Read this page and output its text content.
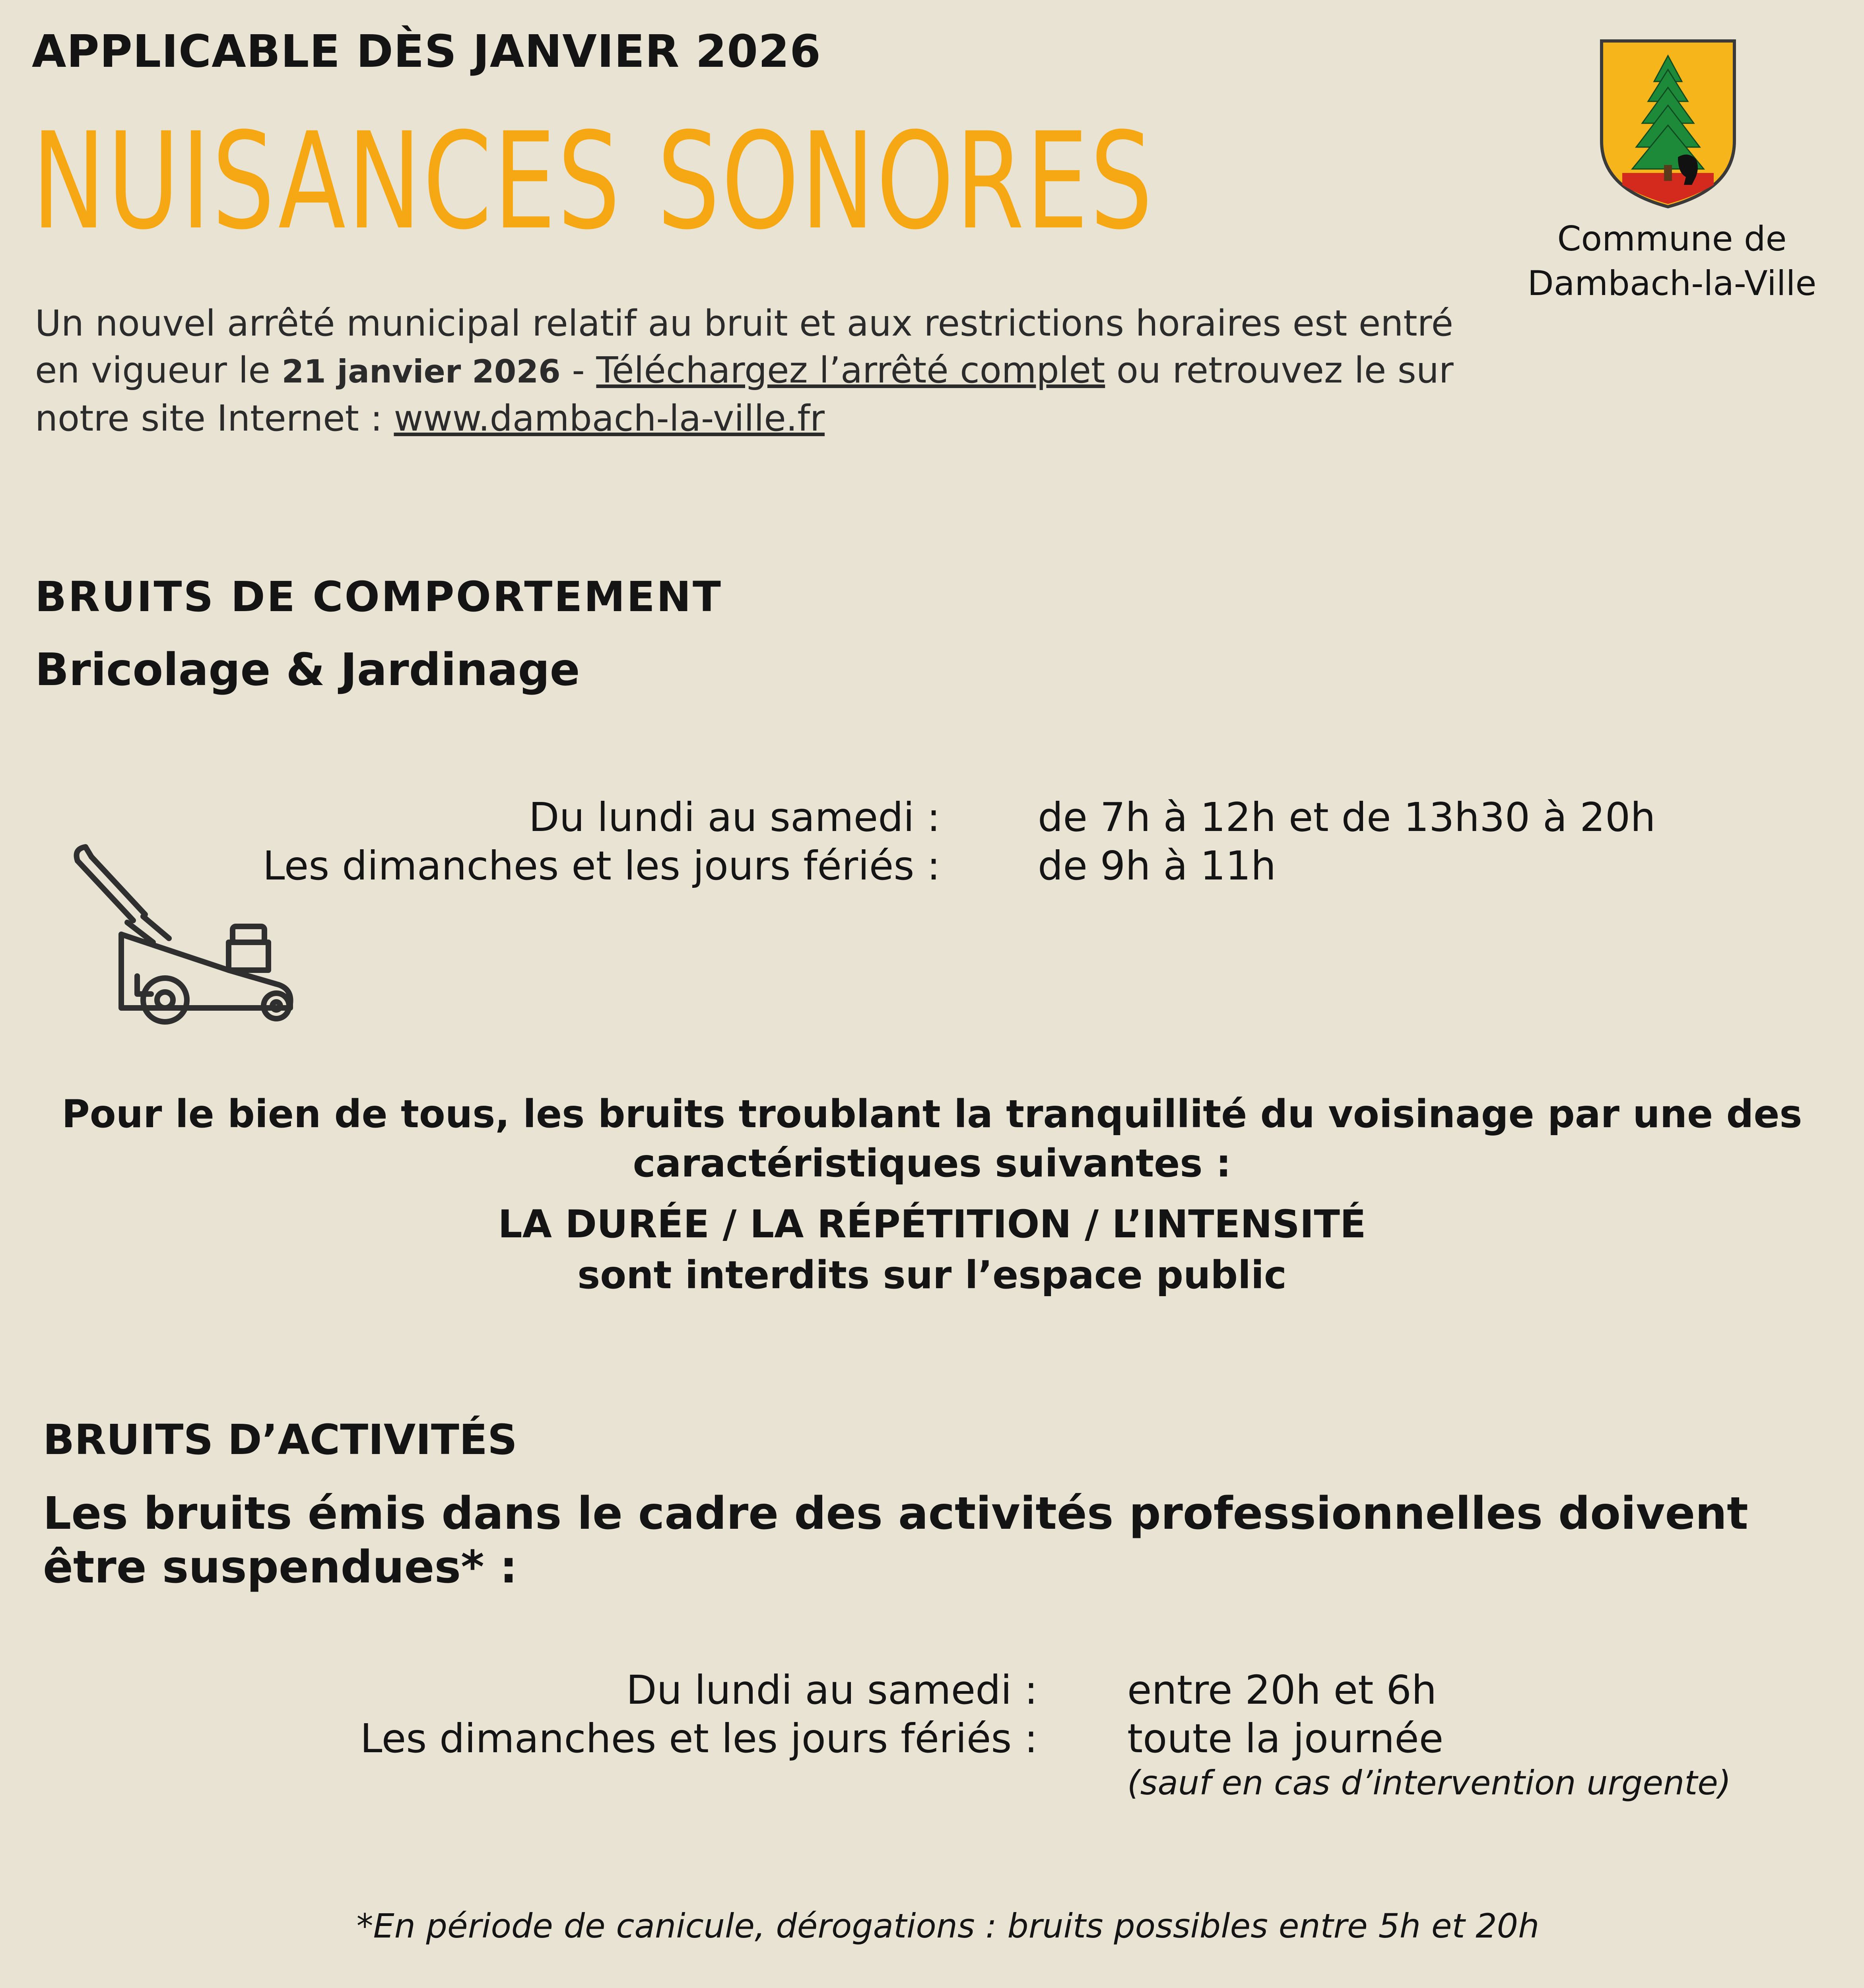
APPLICABLE DÈS JANVIER 2026
NUISANCES SONORES	Commune de
Dambach-la-Ville
Un nouvel arrêté municipal relatif au bruit et aux restrictions horaires est entré en vigueur le 21 janvier 2026 - Téléchargez l’arrêté complet ou retrouvez le sur notre site Internet : www.dambach-la-ville.fr
BRUITS DE COMPORTEMENT
Bricolage & Jardinage
Du lundi au samedi :
Les dimanches et les jours fériés :
de 7h à 12h et de 13h30 à 20h
de 9h à 11h
Pour le bien de tous, les bruits troublant la tranquillité du voisinage par une des
caractéristiques suivantes :
LA DURÉE / LA RÉPÉTITION / L’INTENSITÉ
sont interdits sur l’espace public
BRUITS D’ACTIVITÉS
Les bruits émis dans le cadre des activités professionnelles doivent
être suspendues* :
Du lundi au samedi :
Les dimanches et les jours fériés :
entre 20h et 6h
toute la journée
(sauf en cas d’intervention urgente)
*En période de canicule, dérogations : bruits possibles entre 5h et 20h
